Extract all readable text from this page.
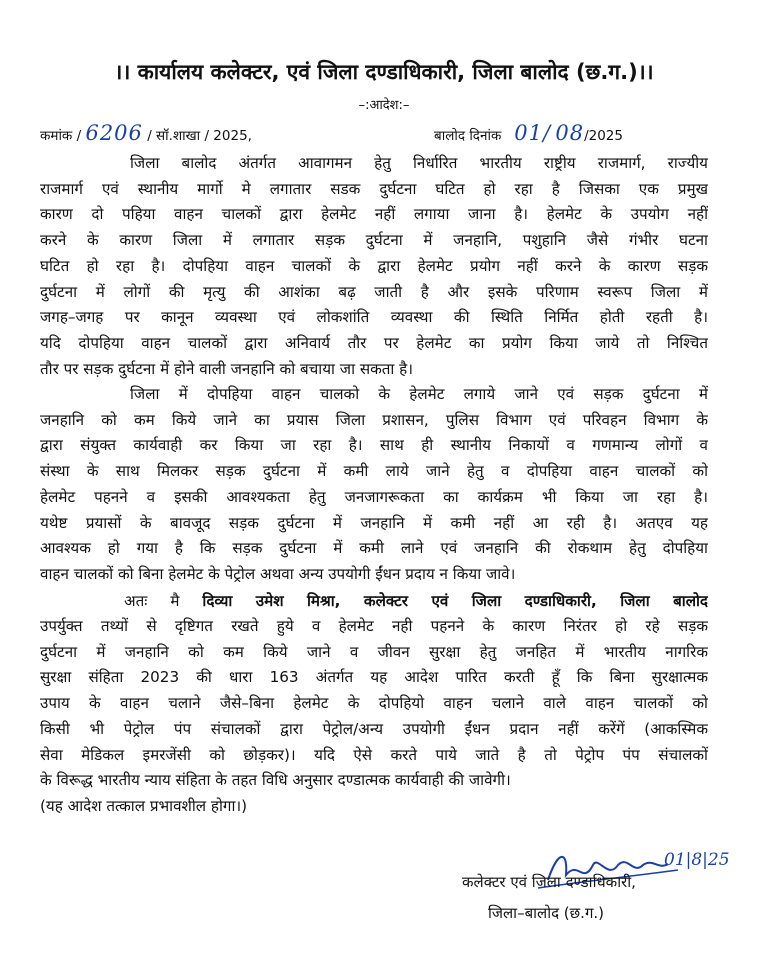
।। कार्यालय कलेक्टर, एवं जिला दण्डाधिकारी, जिला बालोद (छ.ग.)।।
–:आदेश:–
कमांक / 6206 / सॉ.शाखा / 2025,	बालोद दिनांक 01/ 08/2025
जिला बालोद अंतर्गत आवागमन हेतु निर्धारित भारतीय राष्ट्रीय राजमार्ग, राज्यीय
राजमार्ग एवं स्थानीय मार्गो मे लगातार सडक दुर्घटना घटित हो रहा है जिसका एक प्रमुख
कारण दो पहिया वाहन चालकों द्वारा हेलमेट नहीं लगाया जाना है। हेलमेट के उपयोग नहीं
करने के कारण जिला में लगातार सड़क दुर्घटना में जनहानि, पशुहानि जैसे गंभीर घटना
घटित हो रहा है। दोपहिया वाहन चालकों के द्वारा हेलमेट प्रयोग नहीं करने के कारण सड़क
दुर्घटना में लोगों की मृत्यु की आशंका बढ़ जाती है और इसके परिणाम स्वरूप जिला में
जगह–जगह पर कानून व्यवस्था एवं लोकशांति व्यवस्था की स्थिति निर्मित होती रहती है।
यदि दोपहिया वाहन चालकों द्वारा अनिवार्य तौर पर हेलमेट का प्रयोग किया जाये तो निश्चित
तौर पर सड़क दुर्घटना में होने वाली जनहानि को बचाया जा सकता है।
जिला में दोपहिया वाहन चालको के हेलमेट लगाये जाने एवं सड़क दुर्घटना में
जनहानि को कम किये जाने का प्रयास जिला प्रशासन, पुलिस विभाग एवं परिवहन विभाग के
द्वारा संयुक्त कार्यवाही कर किया जा रहा है। साथ ही स्थानीय निकायों व गणमान्य लोगों व
संस्था के साथ मिलकर सड़क दुर्घटना में कमी लाये जाने हेतु व दोपहिया वाहन चालकों को
हेलमेट पहनने व इसकी आवश्यकता हेतु जनजागरूकता का कार्यक्रम भी किया जा रहा है।
यथेष्ट प्रयासों के बावजूद सड़क दुर्घटना में जनहानि में कमी नहीं आ रही है। अतएव यह
आवश्यक हो गया है कि सड़क दुर्घटना में कमी लाने एवं जनहानि की रोकथाम हेतु दोपहिया
वाहन चालकों को बिना हेलमेट के पेट्रोल अथवा अन्य उपयोगी ईंधन प्रदाय न किया जावे।
उपर्युक्त तथ्यों से दृष्टिगत रखते हुये व हेलमेट नही पहनने के कारण निरंतर हो रहे सड़क
दुर्घटना में जनहानि को कम किये जाने व जीवन सुरक्षा हेतु जनहित में भारतीय नागरिक
सुरक्षा संहिता 2023 की धारा 163 अंतर्गत यह आदेश पारित करती हूँ कि बिना सुरक्षात्मक
उपाय के वाहन चलाने जैसे–बिना हेलमेट के दोपहियो वाहन चलाने वाले वाहन चालकों को
किसी भी पेट्रोल पंप संचालकों द्वारा पेट्रोल/अन्य उपयोगी ईंधन प्रदान नहीं करेंगें (आकस्मिक
सेवा मेडिकल इमरजेंसी को छोड़कर)। यदि ऐसे करते पाये जाते है तो पेट्रोप पंप संचालकों
के विरूद्ध भारतीय न्याय संहिता के तहत विधि अनुसार दण्डात्मक कार्यवाही की जावेगी।
(यह आदेश तत्काल प्रभावशील होगा।)
अतः मै दिव्या उमेश मिश्रा, कलेक्टर एवं जिला दण्डाधिकारी, जिला बालोद
01|8|25
कलेक्टर एवं जिला दण्डाधिकारी,
जिला–बालोद (छ.ग.)
